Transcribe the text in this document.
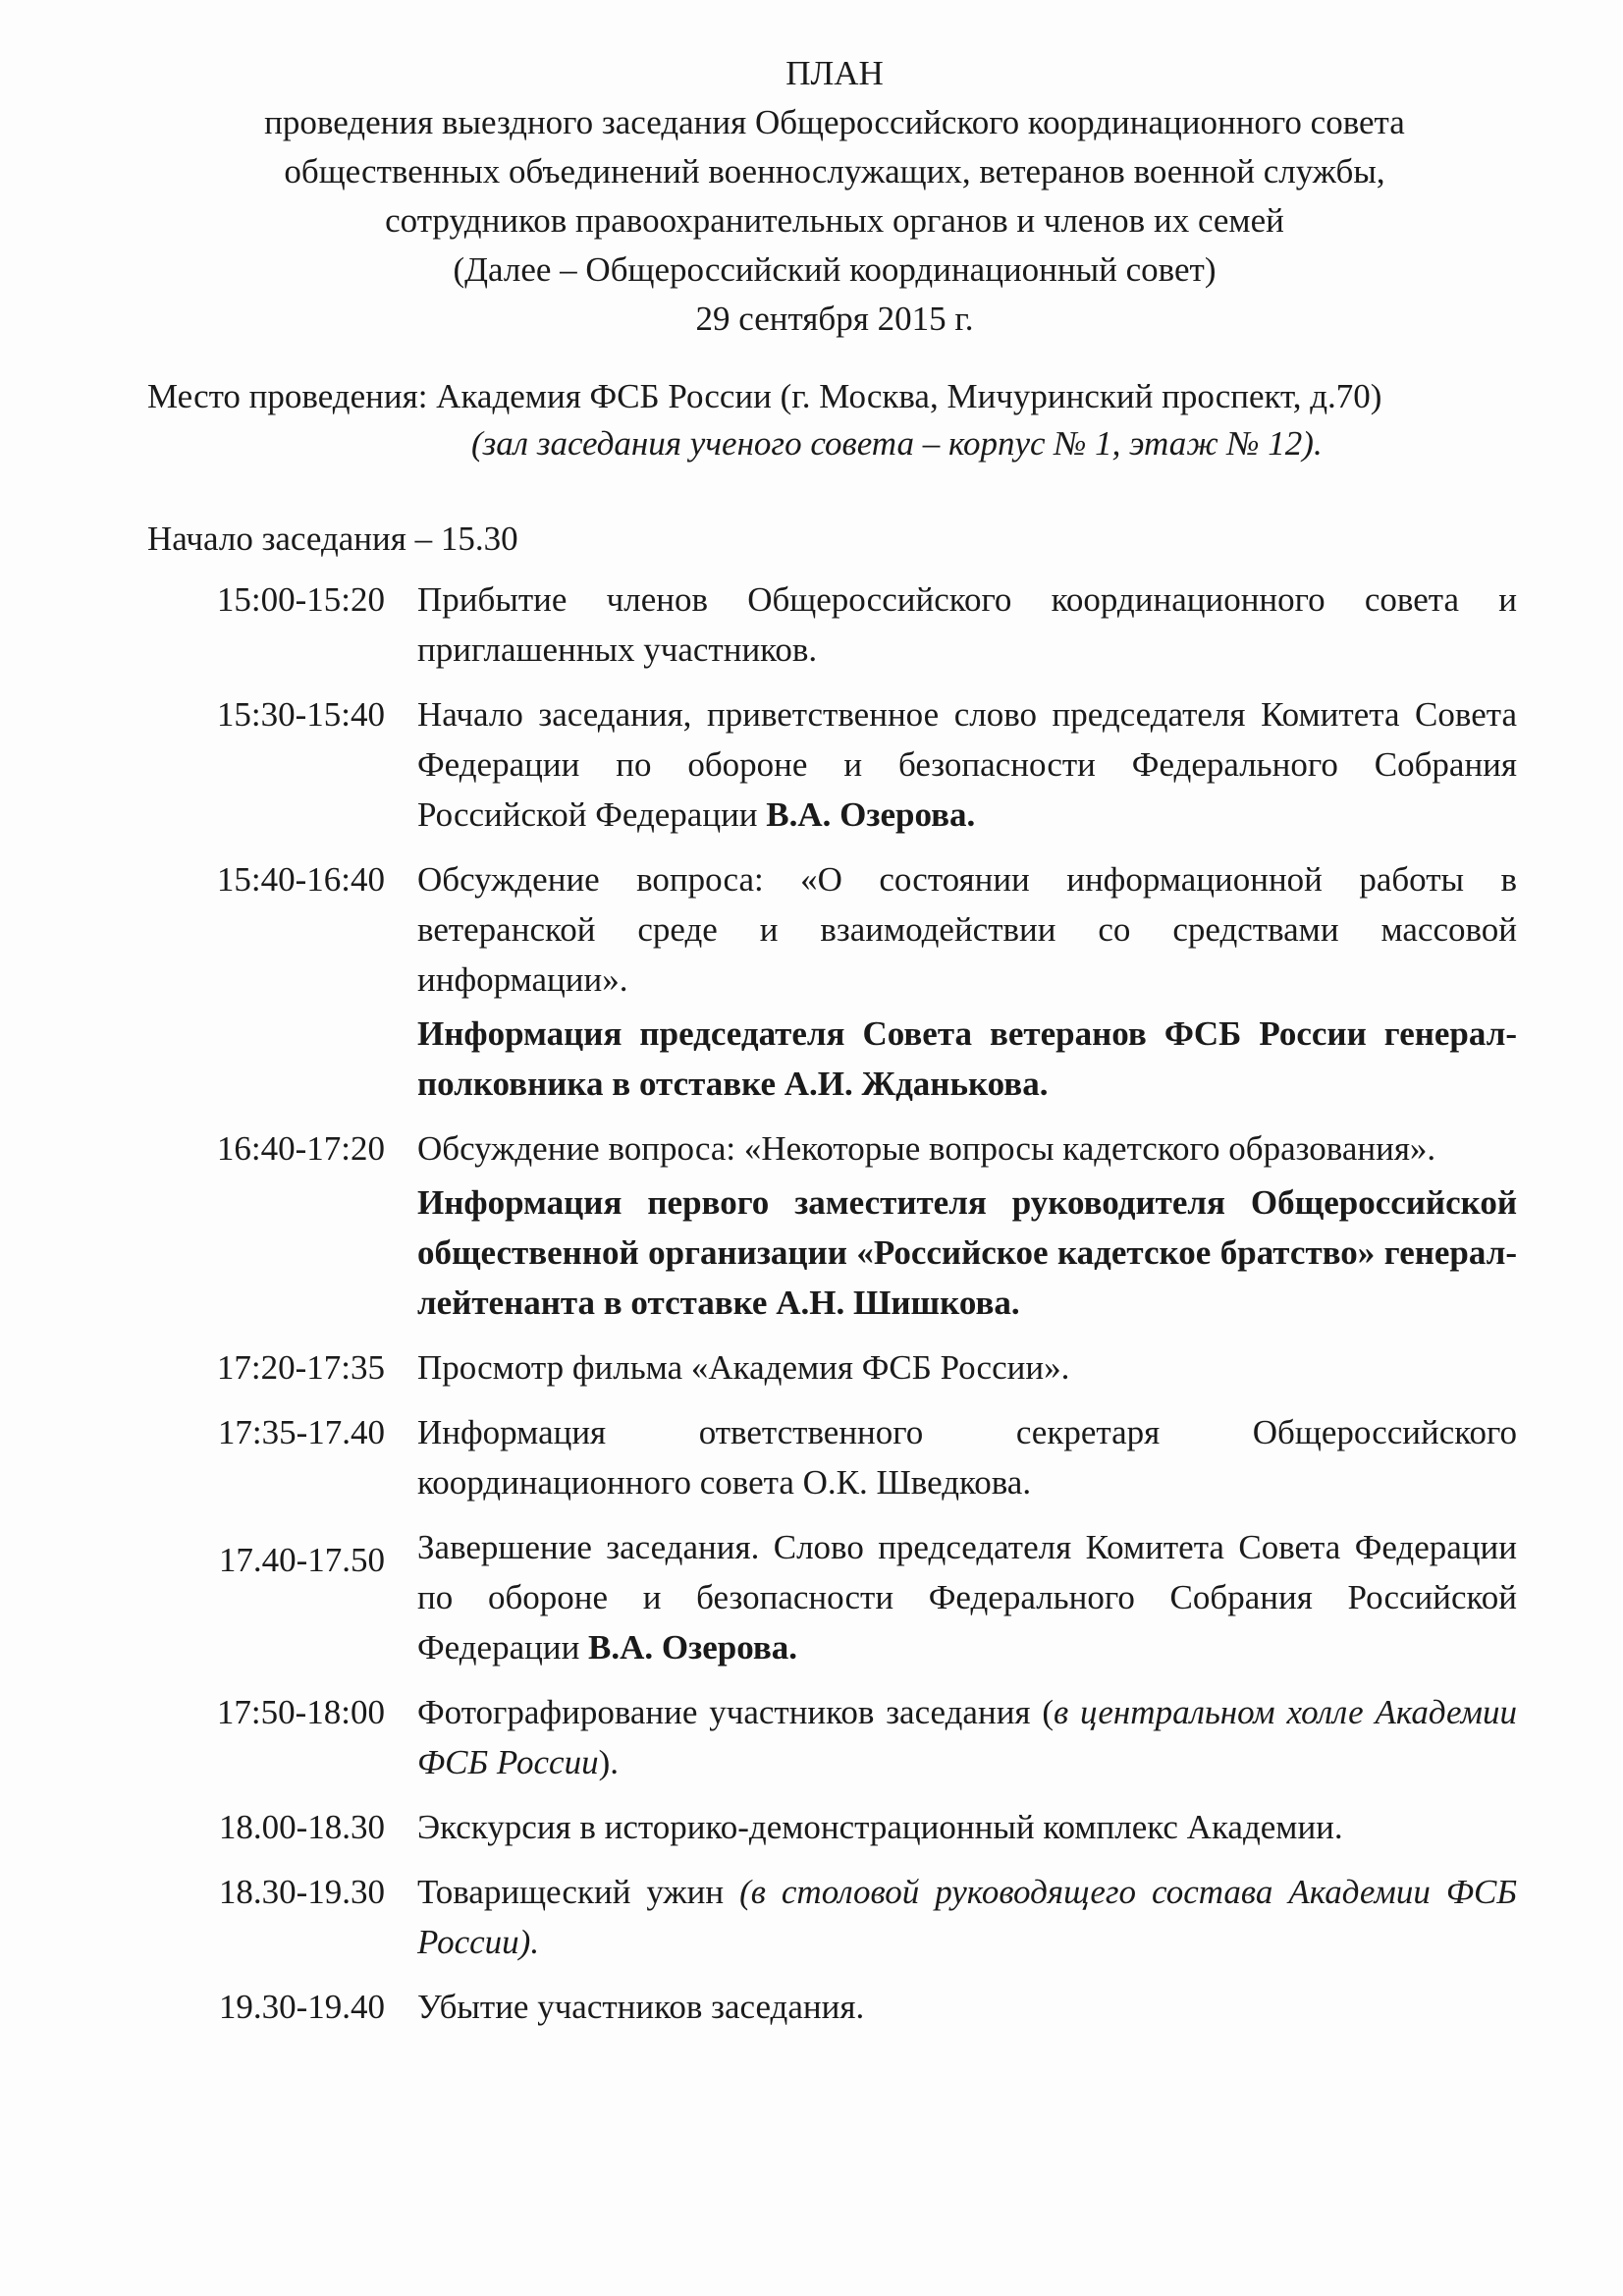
ПЛАН
проведения выездного заседания Общероссийского координационного совета
общественных объединений военнослужащих, ветеранов военной службы,
сотрудников правоохранительных органов и членов их семей
(Далее – Общероссийский координационный совет)
29 сентября 2015 г.
Место проведения: Академия ФСБ России (г. Москва, Мичуринский проспект, д.70)
(зал заседания ученого совета – корпус № 1, этаж № 12).
Начало заседания – 15.30
15:00-15:20 Прибытие членов Общероссийского координационного совета и приглашенных участников.

15:30-15:40 Начало заседания, приветственное слово председателя Комитета Совета Федерации по обороне и безопасности Федерального Собрания Российской Федерации В.А. Озерова.

15:40-16:40 Обсуждение вопроса: «О состоянии информационной работы в ветеранской среде и взаимодействии со средствами массовой информации».

Информация председателя Совета ветеранов ФСБ России генерал-полковника в отставке А.И. Жданькова.

16:40-17:20 Обсуждение вопроса: «Некоторые вопросы кадетского образования».

Информация первого заместителя руководителя Общероссийской общественной организации «Российское кадетское братство» генерал-лейтенанта в отставке А.Н. Шишкова.

17:20-17:35 Просмотр фильма «Академия ФСБ России».

17:35-17.40 Информация ответственного секретаря Общероссийского координационного совета О.К. Шведкова.

17.40-17.50 Завершение заседания. Слово председателя Комитета Совета Федерации по обороне и безопасности Федерального Собрания Российской Федерации В.А. Озерова.

17:50-18:00 Фотографирование участников заседания (в центральном холле Академии ФСБ России).

18.00-18.30 Экскурсия в историко-демонстрационный комплекс Академии.

18.30-19.30 Товарищеский ужин (в столовой руководящего состава Академии ФСБ России).

19.30-19.40 Убытие участников заседания.
